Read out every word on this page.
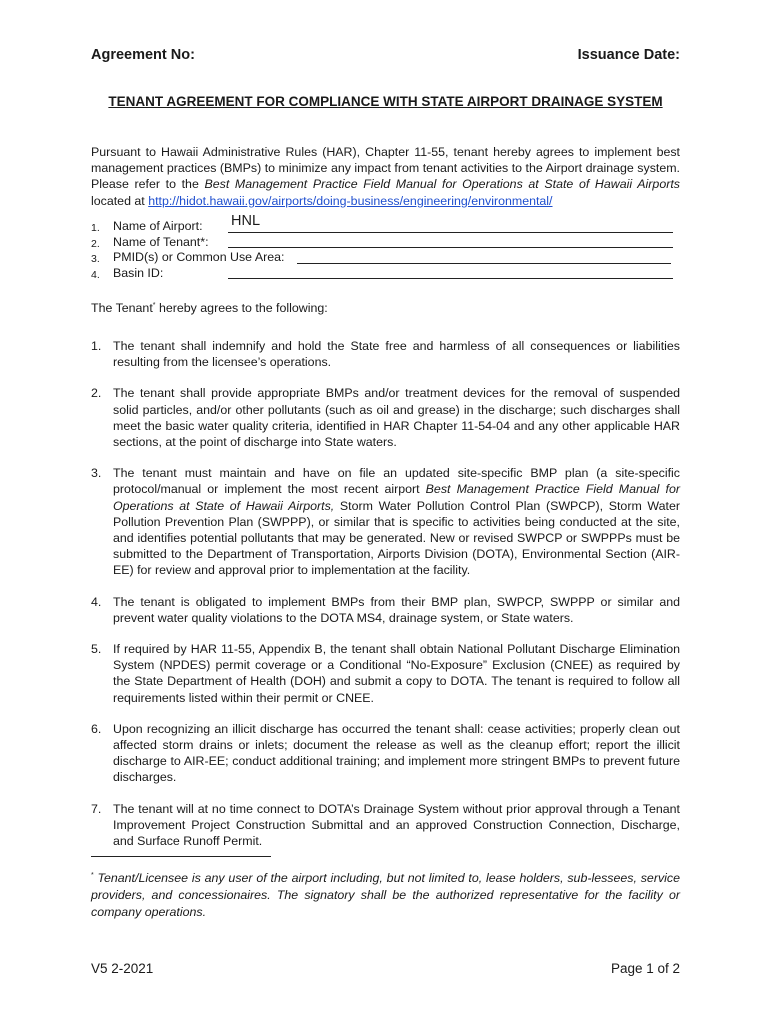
Agreement No:	Issuance Date:
TENANT AGREEMENT FOR COMPLIANCE WITH STATE AIRPORT DRAINAGE SYSTEM
Pursuant to Hawaii Administrative Rules (HAR), Chapter 11-55, tenant hereby agrees to implement best management practices (BMPs) to minimize any impact from tenant activities to the Airport drainage system. Please refer to the Best Management Practice Field Manual for Operations at State of Hawaii Airports located at http://hidot.hawaii.gov/airports/doing-business/engineering/environmental/
1. Name of Airport: HNL
2. Name of Tenant*:
3. PMID(s) or Common Use Area:
4. Basin ID:
The Tenant* hereby agrees to the following:
1. The tenant shall indemnify and hold the State free and harmless of all consequences or liabilities resulting from the licensee’s operations.
2. The tenant shall provide appropriate BMPs and/or treatment devices for the removal of suspended solid particles, and/or other pollutants (such as oil and grease) in the discharge; such discharges shall meet the basic water quality criteria, identified in HAR Chapter 11-54-04 and any other applicable HAR sections, at the point of discharge into State waters.
3. The tenant must maintain and have on file an updated site-specific BMP plan (a site-specific protocol/manual or implement the most recent airport Best Management Practice Field Manual for Operations at State of Hawaii Airports, Storm Water Pollution Control Plan (SWPCP), Storm Water Pollution Prevention Plan (SWPPP), or similar that is specific to activities being conducted at the site, and identifies potential pollutants that may be generated. New or revised SWPCP or SWPPPs must be submitted to the Department of Transportation, Airports Division (DOTA), Environmental Section (AIR-EE) for review and approval prior to implementation at the facility.
4. The tenant is obligated to implement BMPs from their BMP plan, SWPCP, SWPPP or similar and prevent water quality violations to the DOTA MS4, drainage system, or State waters.
5. If required by HAR 11-55, Appendix B, the tenant shall obtain National Pollutant Discharge Elimination System (NPDES) permit coverage or a Conditional “No-Exposure” Exclusion (CNEE) as required by the State Department of Health (DOH) and submit a copy to DOTA. The tenant is required to follow all requirements listed within their permit or CNEE.
6. Upon recognizing an illicit discharge has occurred the tenant shall: cease activities; properly clean out affected storm drains or inlets; document the release as well as the cleanup effort; report the illicit discharge to AIR-EE; conduct additional training; and implement more stringent BMPs to prevent future discharges.
7. The tenant will at no time connect to DOTA’s Drainage System without prior approval through a Tenant Improvement Project Construction Submittal and an approved Construction Connection, Discharge, and Surface Runoff Permit.
* Tenant/Licensee is any user of the airport including, but not limited to, lease holders, sub-lessees, service providers, and concessionaires. The signatory shall be the authorized representative for the facility or company operations.
V5 2-2021	Page 1 of 2
